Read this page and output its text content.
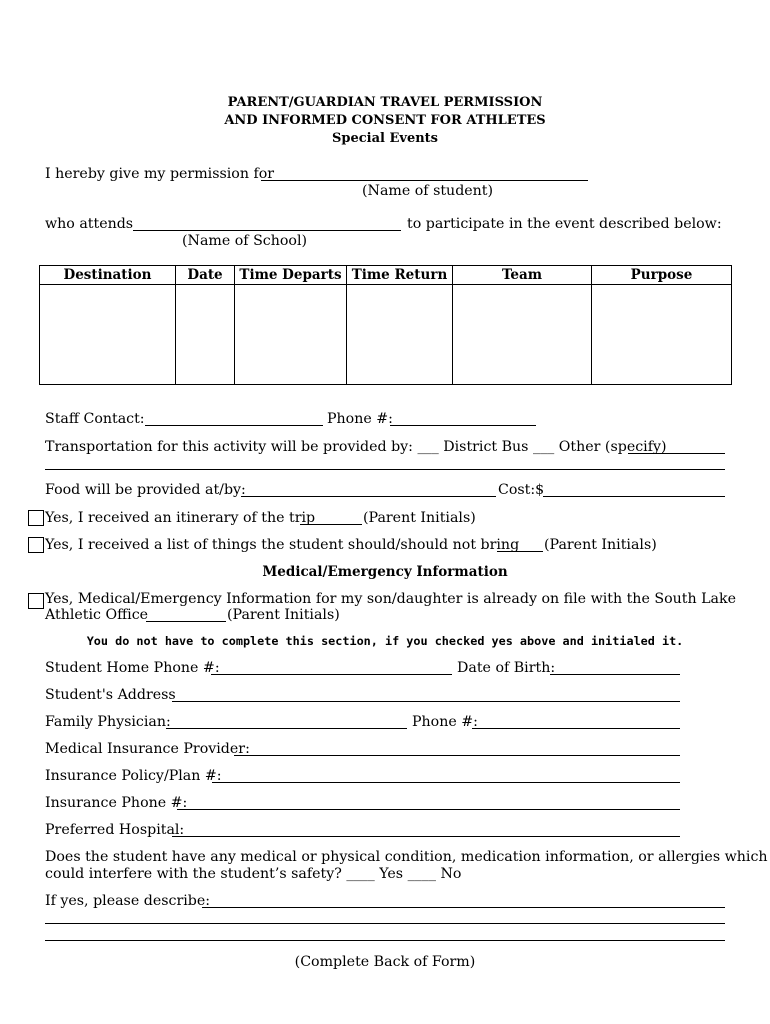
PARENT/GUARDIAN TRAVEL PERMISSION
AND INFORMED CONSENT FOR ATHLETES
Special Events
I hereby give my permission for
(Name of student)
who attends	to participate in the event described below:
(Name of School)
Destination	Date	Time Departs	Time Return	Team	Purpose

Staff Contact:	Phone #:
Transportation for this activity will be provided by: ___ District Bus ___ Other (specify)
Food will be provided at/by:	Cost:$
Yes, I received an itinerary of the trip	(Parent Initials)
Yes, I received a list of things the student should/should not bring (Parent Initials)
Medical/Emergency Information
Yes, Medical/Emergency Information for my son/daughter is already on file with the South Lake
Athletic Office	(Parent Initials)
You do not have to complete this section, if you checked yes above and initialed it.
Student Home Phone #:	Date of Birth:
Student's Address
Family Physician:	Phone #:
Medical Insurance Provider:
Insurance Policy/Plan #:
Insurance Phone #:
Preferred Hospital:
Does the student have any medical or physical condition, medication information, or allergies which
could interfere with the student’s safety? ____ Yes ____ No
If yes, please describe:
(Complete Back of Form)
